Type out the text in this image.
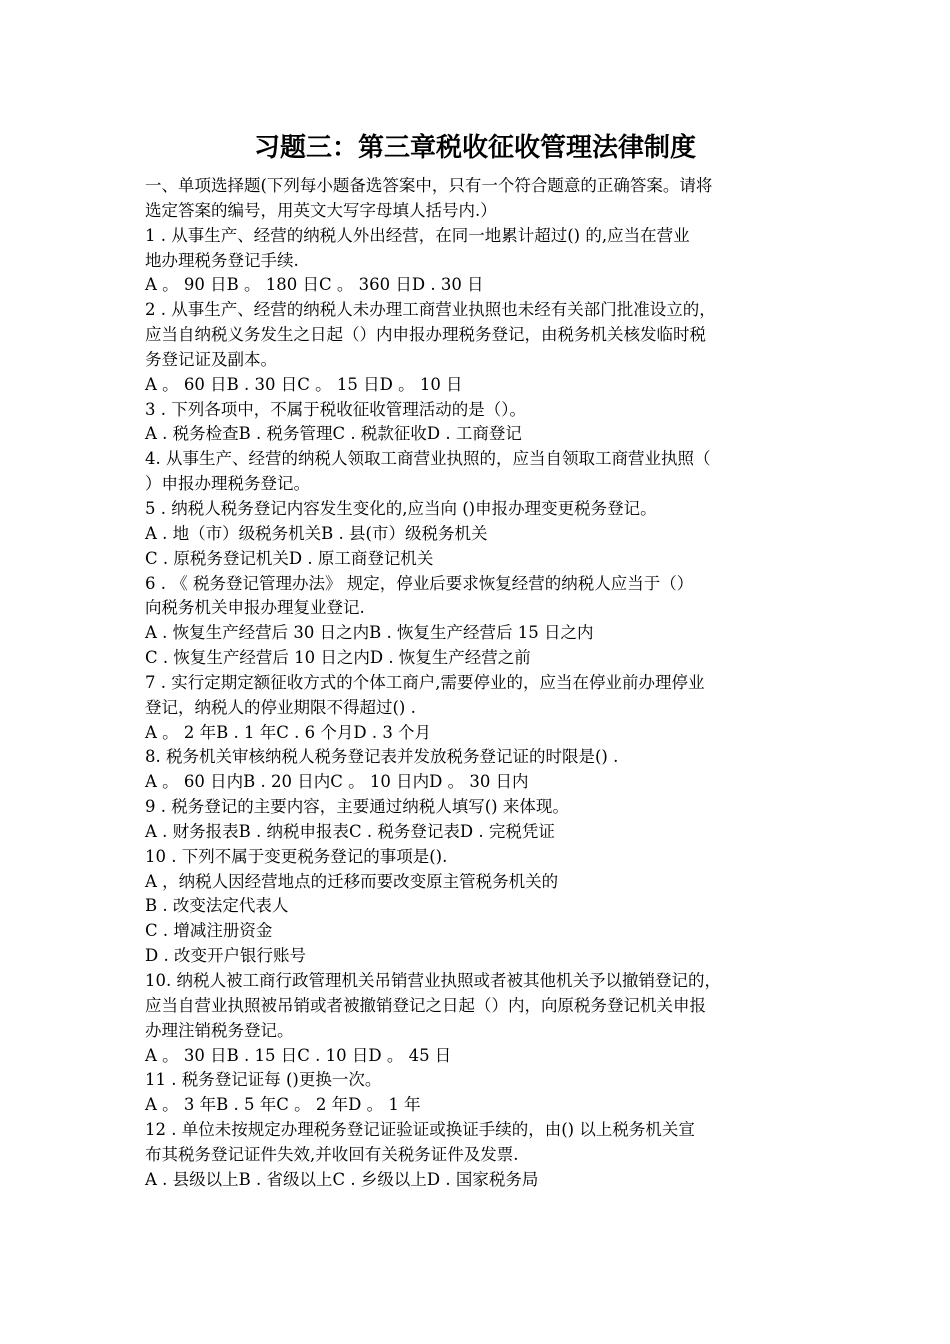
习题三：第三章税收征收管理法律制度

一、单项选择题(下列每小题备选答案中，只有一个符合题意的正确答案。请将

选定答案的编号，用英文大写字母填人括号内.）

1 . 从事生产、经营的纳税人外出经营，在同一地累计超过() 的,应当在营业

地办理税务登记手续.

A 。 90 日B 。 180 日C 。 360 日D . 30 日

2 . 从事生产、经营的纳税人未办理工商营业执照也未经有关部门批准设立的，

应当自纳税义务发生之日起（）内申报办理税务登记，由税务机关核发临时税

务登记证及副本。

A 。 60 日B . 30 日C 。 15 日D 。 10 日

3 . 下列各项中，不属于税收征收管理活动的是（）。

A . 税务检查B . 税务管理C . 税款征收D . 工商登记

4. 从事生产、经营的纳税人领取工商营业执照的，应当自领取工商营业执照（

）申报办理税务登记。

5 . 纳税人税务登记内容发生变化的,应当向 ()申报办理变更税务登记。

A . 地（市）级税务机关B . 县(市）级税务机关

C . 原税务登记机关D . 原工商登记机关

6 . 《 税务登记管理办法》 规定，停业后要求恢复经营的纳税人应当于（）

向税务机关申报办理复业登记.

A . 恢复生产经营后 30 日之内B . 恢复生产经营后 15 日之内

C . 恢复生产经营后 10 日之内D . 恢复生产经营之前

7 . 实行定期定额征收方式的个体工商户,需要停业的，应当在停业前办理停业

登记，纳税人的停业期限不得超过() .

A 。 2 年B . 1 年C . 6 个月D . 3 个月

8. 税务机关审核纳税人税务登记表并发放税务登记证的时限是() .

A 。 60 日内B . 20 日内C 。 10 日内D 。 30 日内

9 . 税务登记的主要内容，主要通过纳税人填写() 来体现。

A . 财务报表B . 纳税申报表C . 税务登记表D . 完税凭证

10 . 下列不属于变更税务登记的事项是().

A ，纳税人因经营地点的迁移而要改变原主管税务机关的

B . 改变法定代表人

C . 增减注册资金

D . 改变开户银行账号

10. 纳税人被工商行政管理机关吊销营业执照或者被其他机关予以撤销登记的，

应当自营业执照被吊销或者被撤销登记之日起（）内，向原税务登记机关申报

办理注销税务登记。

A 。 30 日B . 15 日C . 10 日D 。 45 日

11 . 税务登记证每 ()更换一次。

A 。 3 年B . 5 年C 。 2 年D 。 1 年

12 . 单位未按规定办理税务登记证验证或换证手续的，由() 以上税务机关宣

布其税务登记证件失效,并收回有关税务证件及发票.

A . 县级以上B . 省级以上C . 乡级以上D . 国家税务局
